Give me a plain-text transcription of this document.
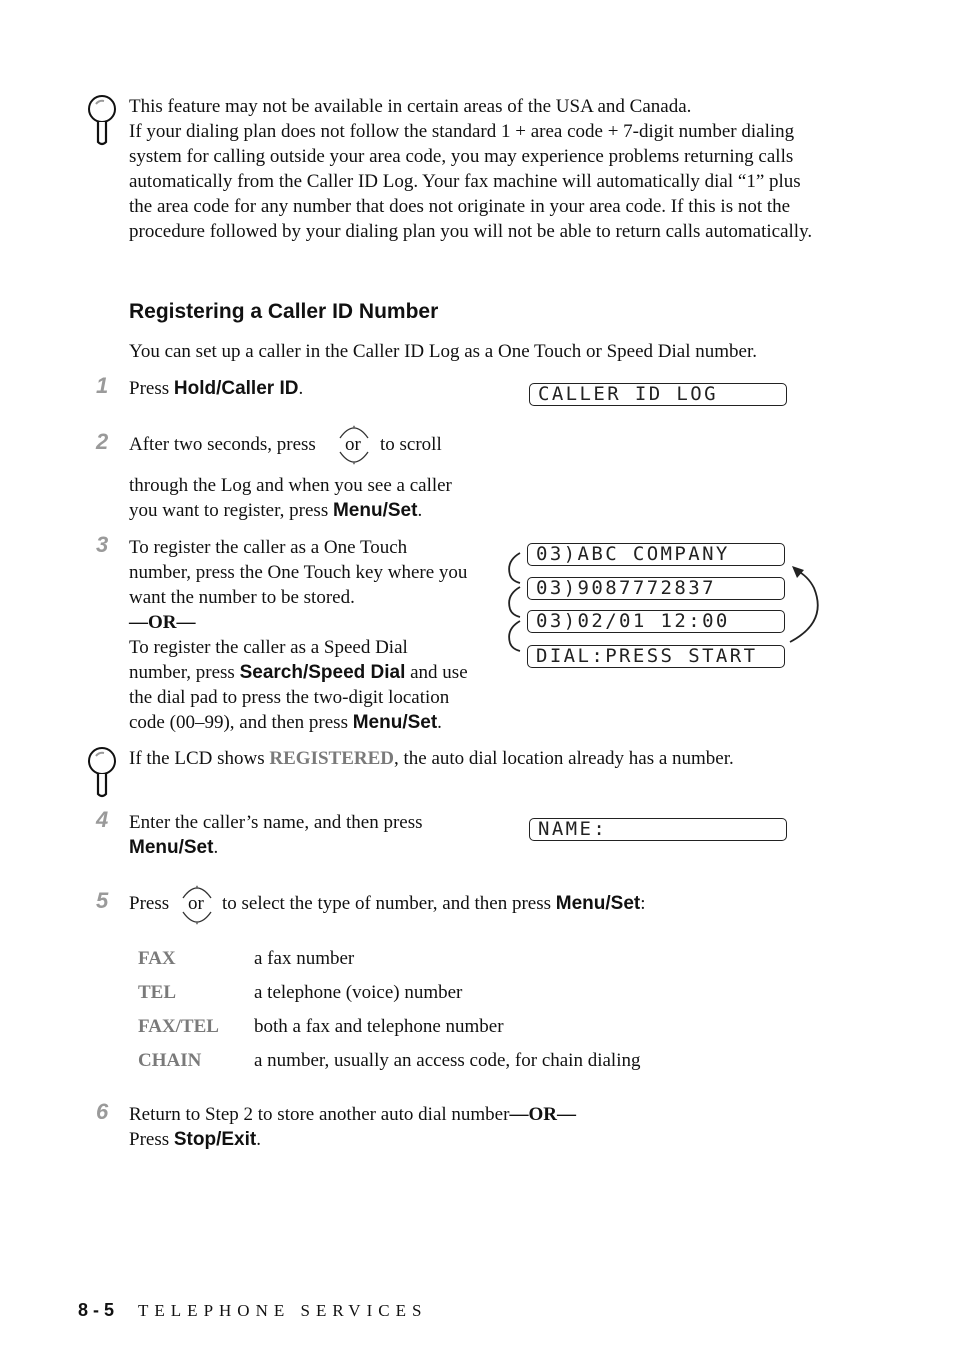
This feature may not be available in certain areas of the USA and Canada.
If your dialing plan does not follow the standard 1 + area code + 7-digit number dialing system for calling outside your area code, you may experience problems returning calls automatically from the Caller ID Log. Your fax machine will automatically dial “1” plus the area code for any number that does not originate in your area code. If this is not the procedure followed by your dialing plan you will not be able to return calls automatically.
Registering a Caller ID Number
You can set up a caller in the Caller ID Log as a One Touch or Speed Dial number.
1 Press Hold/Caller ID.	CALLER ID LOG
2 After two seconds, press or to scroll
through the Log and when you see a caller
you want to register, press Menu/Set.
3 To register the caller as a One Touch
number, press the One Touch key where you
want the number to be stored.
—OR—
To register the caller as a Speed Dial
number, press Search/Speed Dial and use
the dial pad to press the two-digit location
code (00–99), and then press Menu/Set.
03)ABC COMPANY
03)9087772837
03)02/01 12:00
DIAL:PRESS START
If the LCD shows REGISTERED, the auto dial location already has a number.
4 Enter the caller’s name, and then press
Menu/Set.
NAME:
5 Press or to select the type of number, and then press Menu/Set:
FAX	a fax number
TEL	a telephone (voice) number
FAX/TEL both a fax and telephone number
CHAIN	a number, usually an access code, for chain dialing
6 Return to Step 2 to store another auto dial number—OR—
Press Stop/Exit.
8 - 5 TELEPHONE SERVICES
